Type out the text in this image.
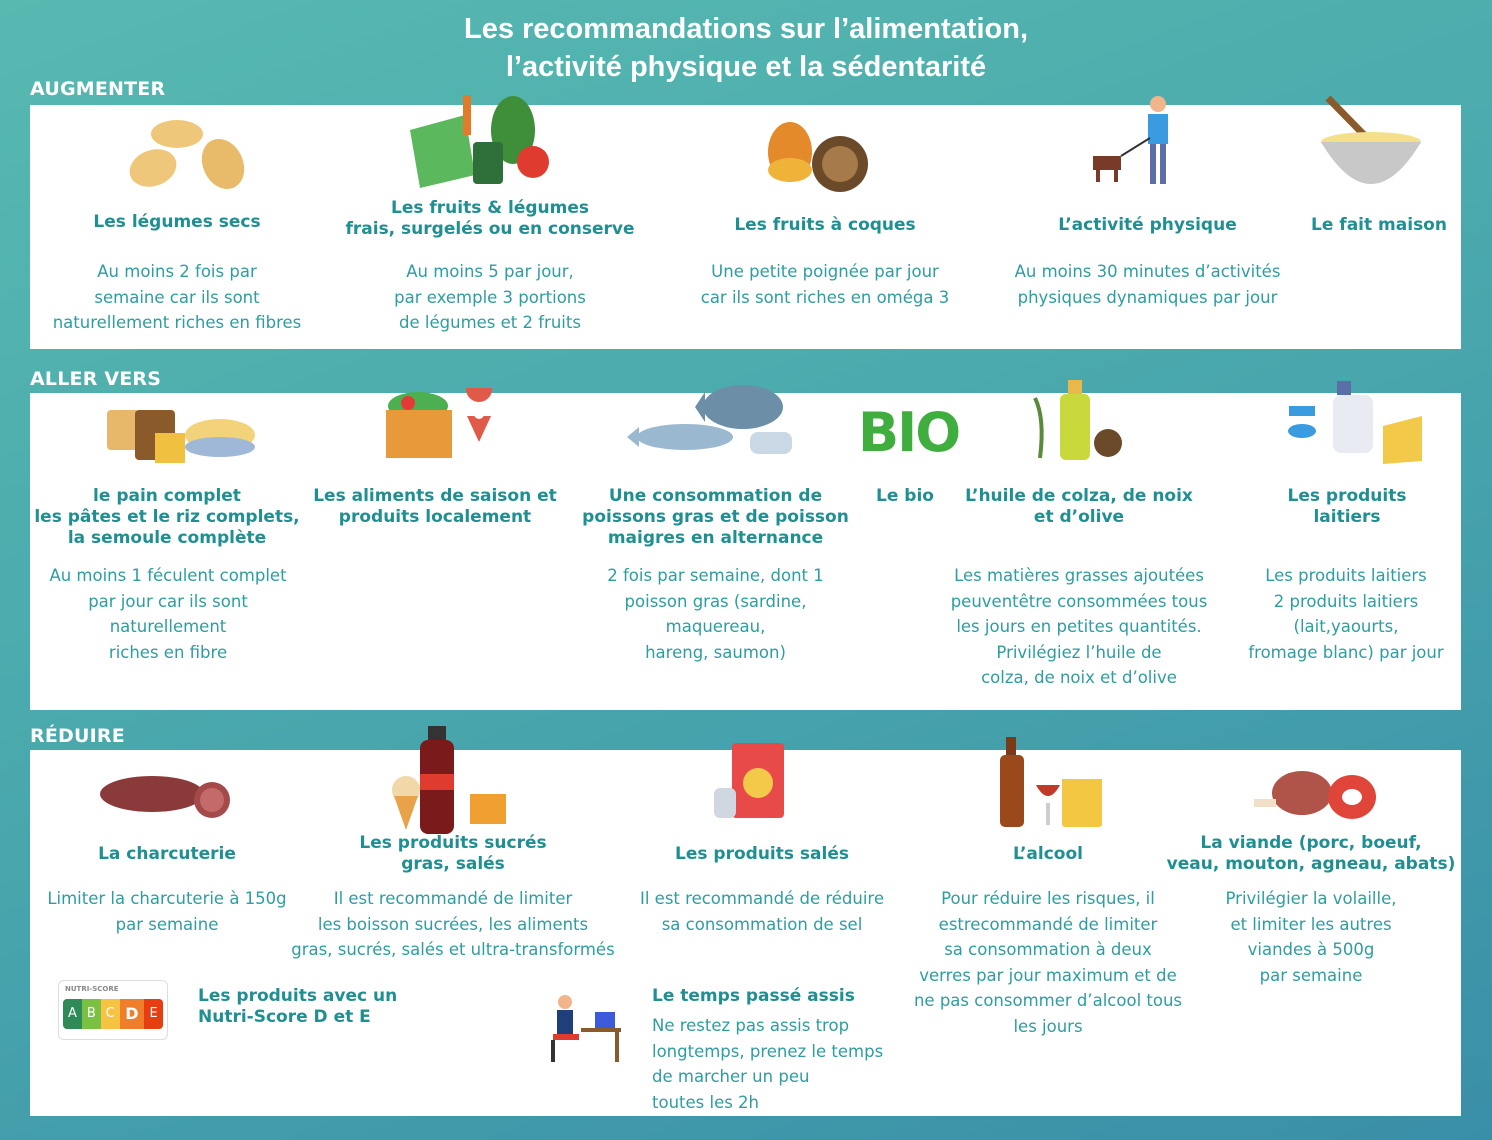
Les recommandations sur l’alimentation,
l’activité physique et la sédentarité
AUGMENTER
Les légumes secs
Au moins 2 fois par
semaine car ils sont
naturellement riches en fibres
Les fruits & légumes
frais, surgelés ou en conserve
Au moins 5 par jour,
par exemple 3 portions
de légumes et 2 fruits
Les fruits à coques
Une petite poignée par jour
car ils sont riches en oméga 3
L’activité physique
Au moins 30 minutes d’activités
physiques dynamiques par jour
Le fait maison
ALLER VERS
BIO
le pain complet
les pâtes et le riz complets,
la semoule complète
Au moins 1 féculent complet
par jour car ils sont
naturellement
riches en fibre
Les aliments de saison et
produits localement
Une consommation de
poissons gras et de poisson
maigres en alternance
2 fois par semaine, dont 1
poisson gras (sardine,
maquereau,
hareng, saumon)
Le bio	L’huile de colza, de noix
et d’olive
Les matières grasses ajoutées
peuventêtre consommées tous
les jours en petites quantités.
Privilégiez l’huile de
colza, de noix et d’olive
Les produits
laitiers
Les produits laitiers
2 produits laitiers
(lait,yaourts,
fromage blanc) par jour
RÉDUIRE
La charcuterie
Limiter la charcuterie à 150g
par semaine
Les produits sucrés
gras, salés
Il est recommandé de limiter
les boisson sucrées, les aliments
gras, sucrés, salés et ultra-transformés
Les produits salés
Il est recommandé de réduire
sa consommation de sel
L’alcool
Pour réduire les risques, il
estrecommandé de limiter
sa consommation à deux
verres par jour maximum et de
ne pas consommer d’alcool tous
les jours
La viande (porc, boeuf,
veau, mouton, agneau, abats)
Privilégier la volaille,
et limiter les autres
viandes à 500g
par semaine
NUTRI-SCORE
A B C D E
Les produits avec un
Nutri-Score D et E
Le temps passé assis
Ne restez pas assis trop
longtemps, prenez le temps
de marcher un peu
toutes les 2h
